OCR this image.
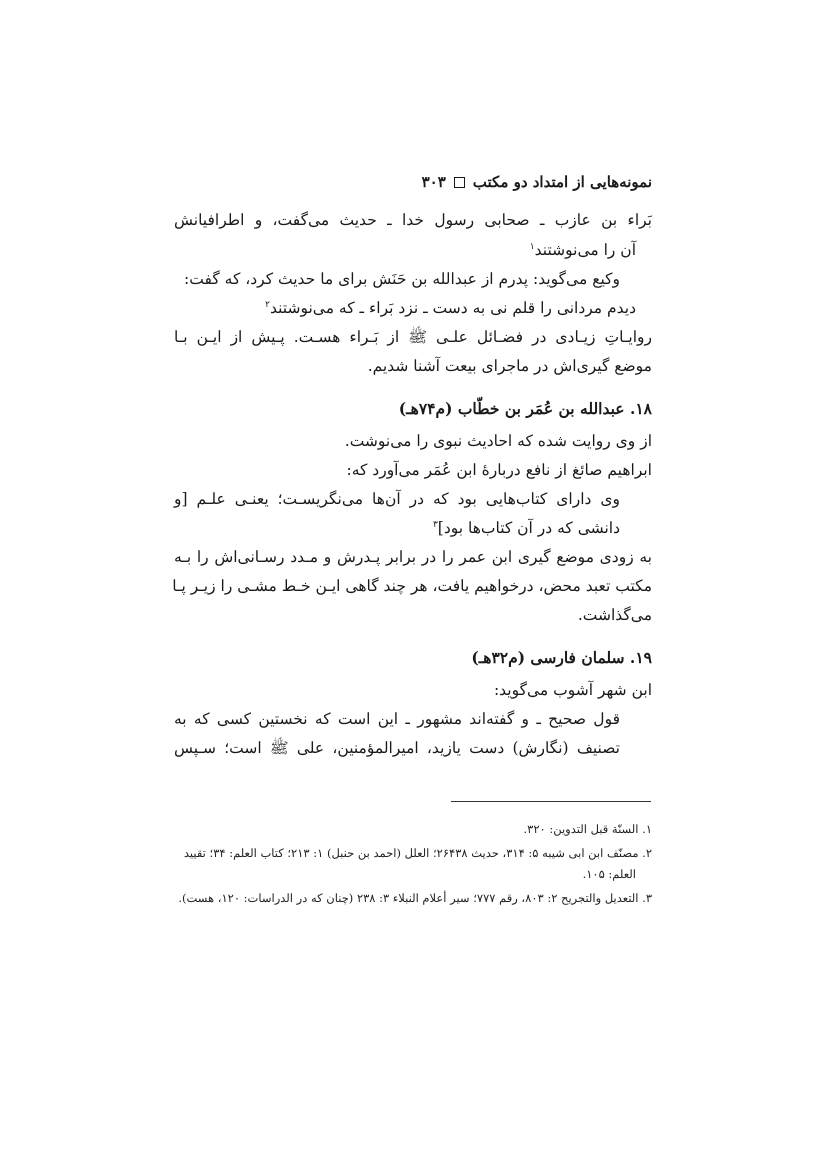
نمونه‌هایی از امتداد دو مکتب
۳۰۳
بَراء بن عازب ـ صحابی رسول خدا ـ حدیث می‌گفت، و اطرافیانش
آن را می‌نوشتند$^١$
وکیع می‌گوید: پدرم از عبدالله بن حَنَش برای ما حدیث کرد، که گفت:
دیدم مردانی را قلم نی به دست ـ نزد بَراء ـ که می‌نوشتند$^٢$
روایـاتِ زیـادی در فضـائل علـی ﷺ از بَـراء هسـت. پـیش از ایـن بـا
موضع گیری‌اش در ماجرای بیعت آشنا شدیم.
۱۸. عبدالله بن عُمَر بن خطّاب (م۷۴هـ)
از وی روایت شده که احادیث نبوی را می‌نوشت.
ابراهیم صائغ از نافع دربارهٔ ابن عُمَر می‌آورد که:
وی دارای کتاب‌هایی بود که در آن‌ها می‌نگریسـت؛ یعنـی علـم [و
دانشی که در آن کتاب‌ها بود]$^٣$
به زودی موضع گیری ابن عمر را در برابر پـدرش و مـدد رسـانی‌اش را بـه
مکتب تعبد محض، درخواهیم یافت، هر چند گاهی ایـن خـط مشـی را زیـر پـا
می‌گذاشت.
۱۹. سلمان فارسی (م۳۲هـ)
ابن شهر آشوب می‌گوید:
قول صحیح ـ و گفته‌اند مشهور ـ این است که نخستین کسی که به
تصنیف (نگارش) دست یازید، امیرالمؤمنین، علی ﷺ است؛ سـپس
۱. السنّة قبل التدوین: ۳۲۰.
۲. مصنّف ابن ابی شیبه ۵: ۳۱۴، حدیث ۲۶۴۳۸؛ العلل (احمد بن حنبل) ۱: ۲۱۳؛ کتاب العلم: ۳۴؛ تقیید
العلم: ۱۰۵.
۳. التعدیل والتجریح ۲: ۸۰۳، رقم ۷۷۷؛ سیر أعلام النبلاء ۳: ۲۳۸ (چنان که در الدراسات: ۱۲۰، هست).
